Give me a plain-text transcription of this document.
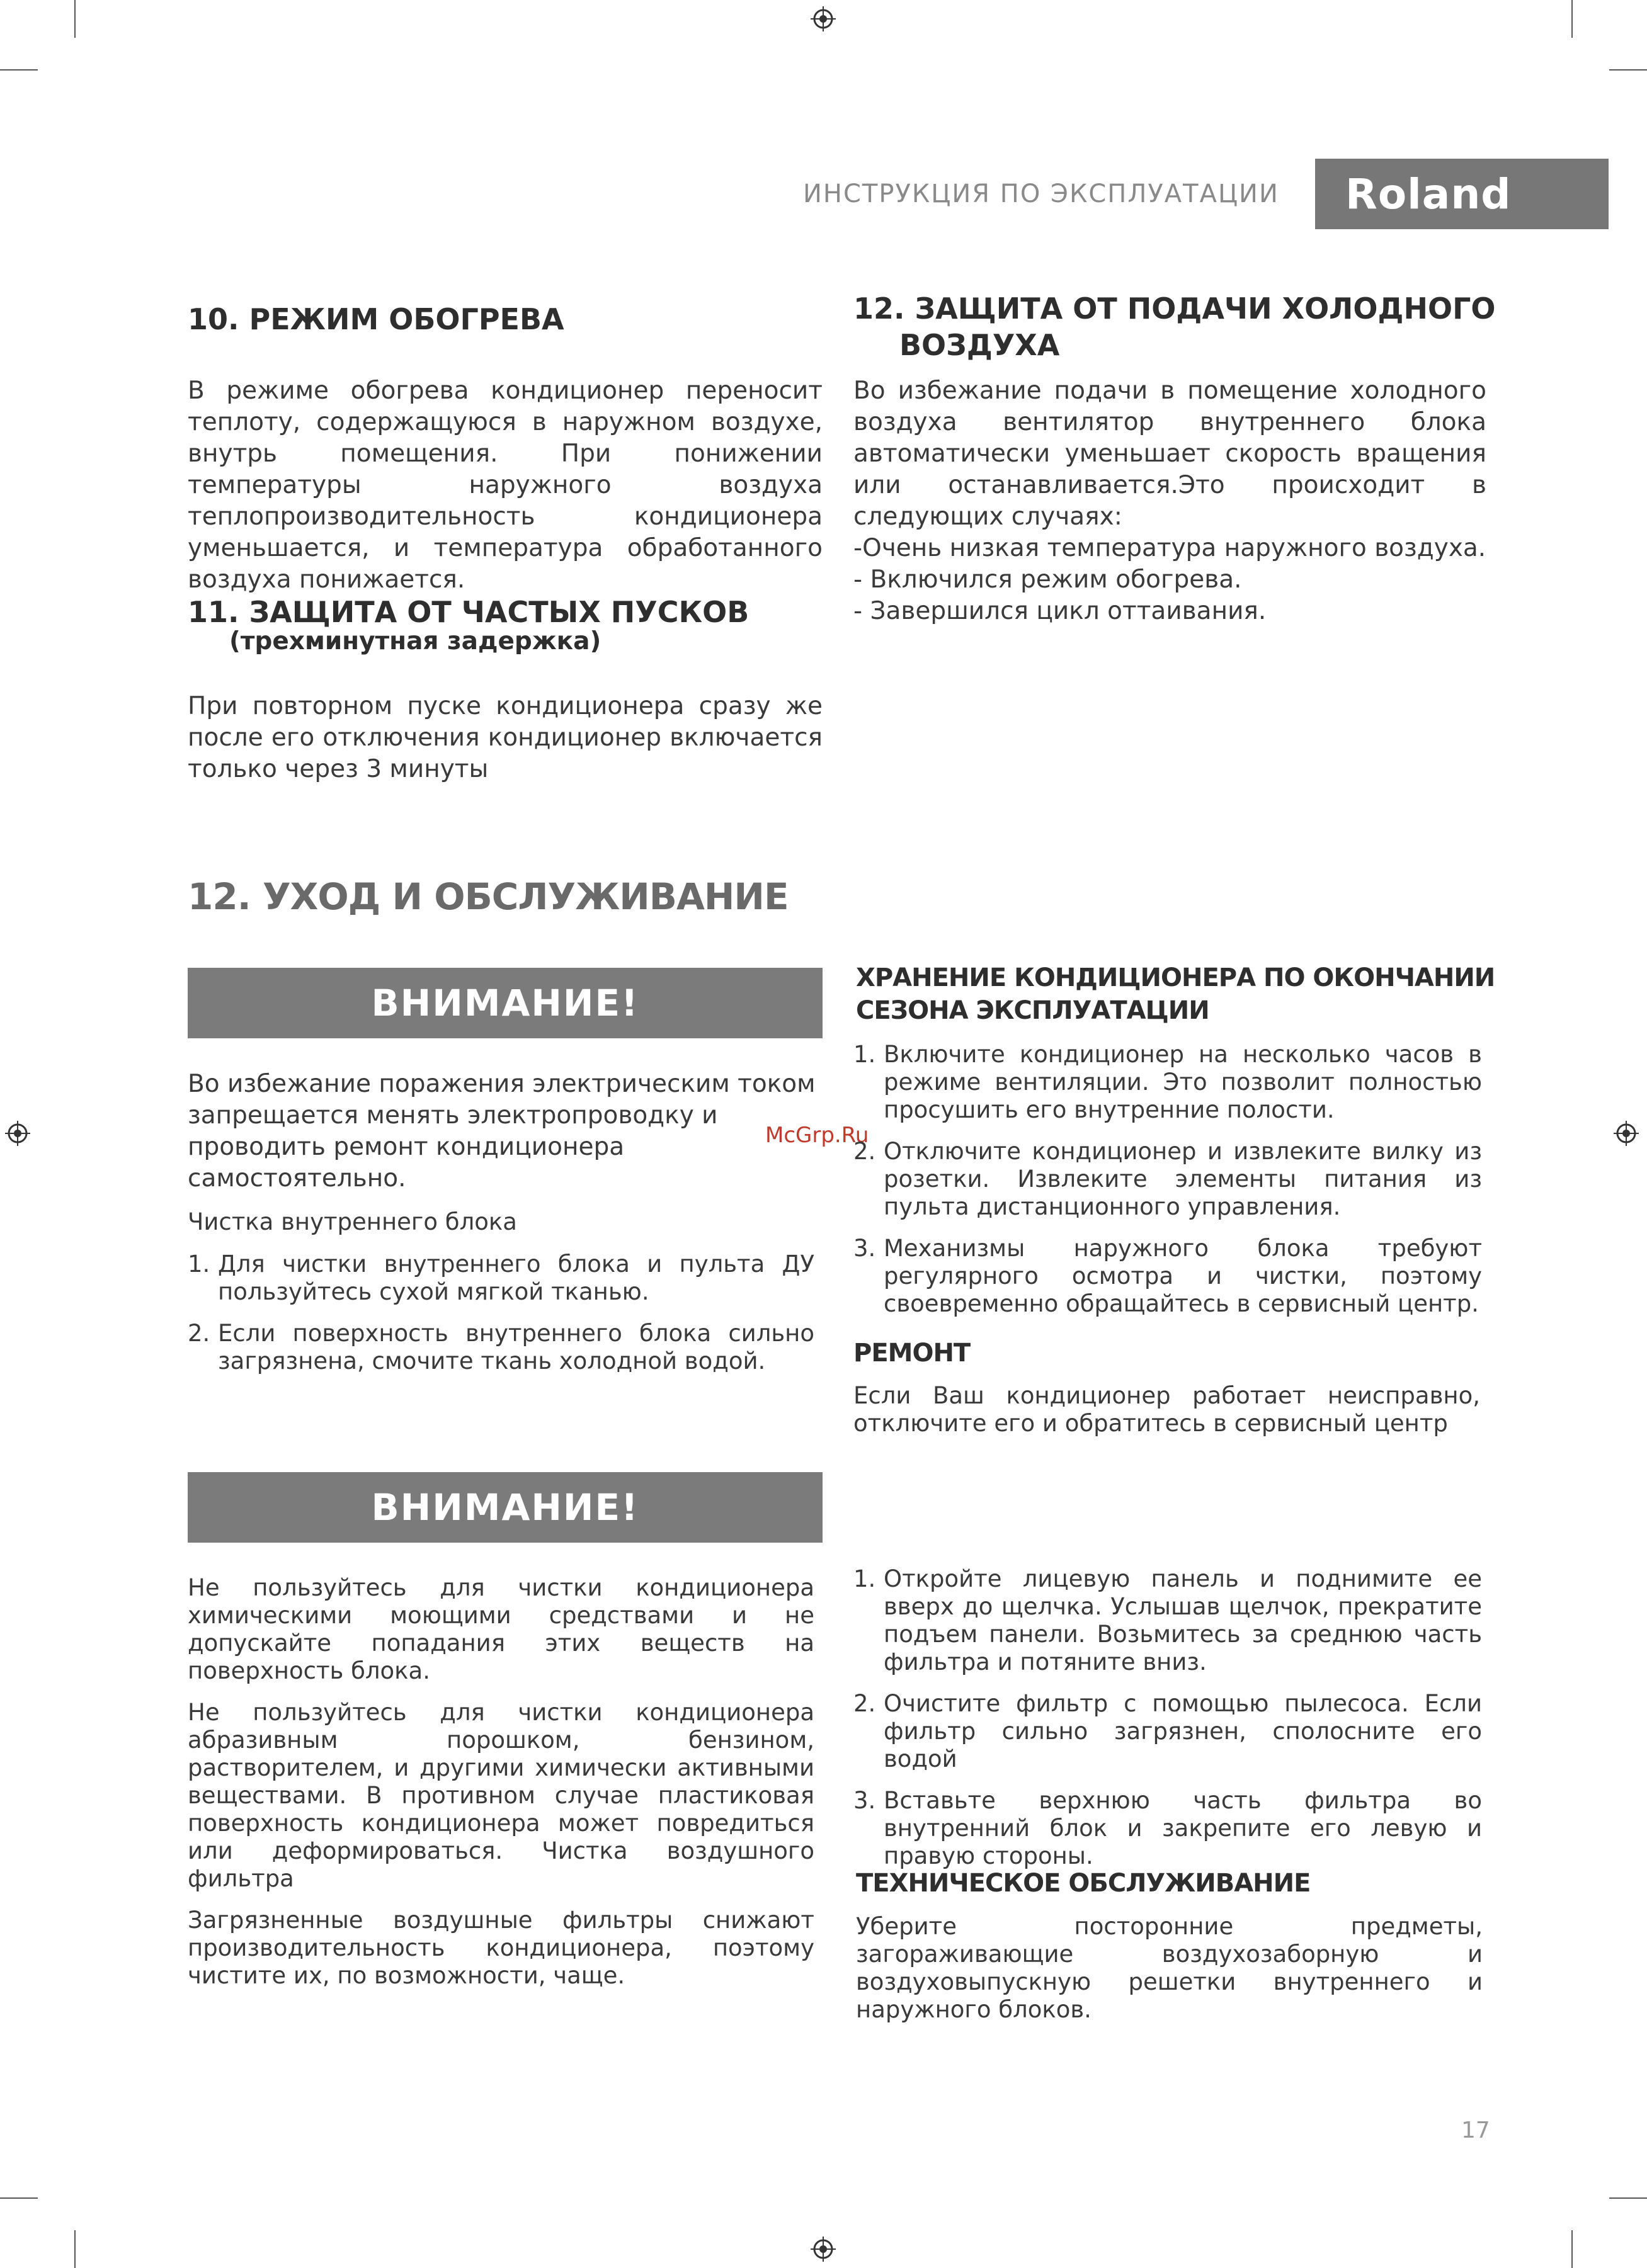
ИНСТРУКЦИЯ ПО ЭКСПЛУАТАЦИИ	Roland
10. РЕЖИМ ОБОГРЕВА

В режиме обогрева кондиционер переносит теплоту, содержащуюся в наружном воздухе, внутрь помещения. При понижении температуры наружного воздуха теплопроизводительность кондиционера уменьшается, и температура обработанного воздуха понижается.

11. ЗАЩИТА ОТ ЧАСТЫХ ПУСКОВ
(трехминутная задержка)

При повторном пуске кондиционера сразу же после его отключения кондиционер включается только через 3 минуты

12. ЗАЩИТА ОТ ПОДАЧИ ХОЛОДНОГО
ВОЗДУХА

Во избежание подачи в помещение холодного воздуха вентилятор внутреннего блока автоматически уменьшает скорость вращения или останавливается.Это происходит в следующих случаях:

-Очень низкая температура наружного воздуха.
- Включился режим обогрева.
- Завершился цикл оттаивания.
12. УХОД И ОБСЛУЖИВАНИЕ
ВНИМАНИЕ!

Во избежание поражения электрическим током запрещается менять электропроводку и проводить ремонт кондиционера самостоятельно.

McGrp.Ru
Чистка внутреннего блока
1. Для чистки внутреннего блока и пульта ДУ пользуйтесь сухой мягкой тканью.
2. Если поверхность внутреннего блока сильно загрязнена, смочите ткань холодной водой.
ХРАНЕНИЕ КОНДИЦИОНЕРА ПО ОКОНЧАНИИ
СЕЗОНА ЭКСПЛУАТАЦИИ
1. Включите кондиционер на несколько часов в режиме вентиляции. Это позволит полностью просушить его внутренние полости.
2. Отключите кондиционер и извлеките вилку из розетки. Извлеките элементы питания из пульта дистанционного управления.
3. Механизмы наружного блока требуют регулярного осмотра и чистки, поэтому своевременно обращайтесь в сервисный центр.
РЕМОНТ

Если Ваш кондиционер работает неисправно, отключите его и обратитесь в сервисный центр

ВНИМАНИЕ!

Не пользуйтесь для чистки кондиционера химическими моющими средствами и не допускайте попадания этих веществ на поверхность блока.

Не пользуйтесь для чистки кондиционера абразивным порошком, бензином, растворителем, и другими химически активными веществами. В противном случае пластиковая поверхность кондиционера может повредиться или деформироваться. Чистка воздушного фильтра

Загрязненные воздушные фильтры снижают производительность кондиционера, поэтому чистите их, по возможности, чаще.

1. Откройте лицевую панель и поднимите ее вверх до щелчка. Услышав щелчок, прекратите подъем панели. Возьмитесь за среднюю часть фильтра и потяните вниз.
2. Очистите фильтр с помощью пылесоса. Если фильтр сильно загрязнен, сполосните его водой
3. Вставьте верхнюю часть фильтра во внутренний блок и закрепите его левую и правую стороны.
ТЕХНИЧЕСКОЕ ОБСЛУЖИВАНИЕ

Уберите посторонние предметы, загораживающие воздухозаборную и воздуховыпускную решетки внутреннего и наружного блоков.

17
